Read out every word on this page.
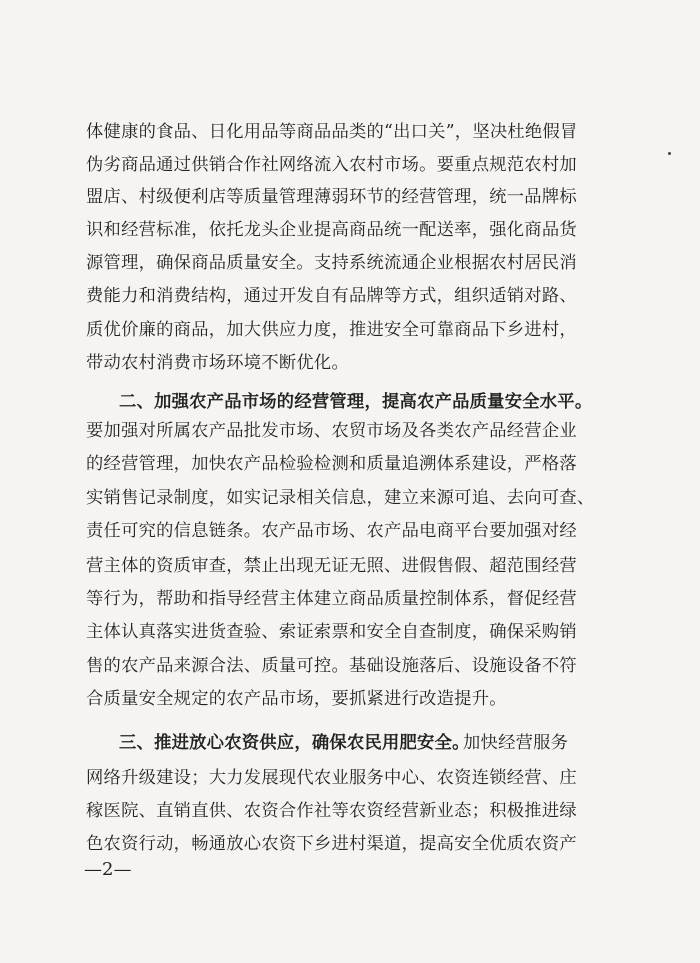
体健康的食品、日化用品等商品品类的“出口关”，坚决杜绝假冒
伪劣商品通过供销合作社网络流入农村市场。要重点规范农村加
盟店、村级便利店等质量管理薄弱环节的经营管理，统一品牌标
识和经营标准，依托龙头企业提高商品统一配送率，强化商品货
源管理，确保商品质量安全。支持系统流通企业根据农村居民消
费能力和消费结构，通过开发自有品牌等方式，组织适销对路、
质优价廉的商品，加大供应力度，推进安全可靠商品下乡进村，
带动农村消费市场环境不断优化。
二、加强农产品市场的经营管理，提高农产品质量安全水平。
要加强对所属农产品批发市场、农贸市场及各类农产品经营企业
的经营管理，加快农产品检验检测和质量追溯体系建设，严格落
实销售记录制度，如实记录相关信息，建立来源可追、去向可查、
责任可究的信息链条。农产品市场、农产品电商平台要加强对经
营主体的资质审查，禁止出现无证无照、进假售假、超范围经营
等行为，帮助和指导经营主体建立商品质量控制体系，督促经营
主体认真落实进货查验、索证索票和安全自查制度，确保采购销
售的农产品来源合法、质量可控。基础设施落后、设施设备不符
合质量安全规定的农产品市场，要抓紧进行改造提升。
三、推进放心农资供应，确保农民用肥安全。
加快经营服务
网络升级建设；大力发展现代农业服务中心、农资连锁经营、庄
稼医院、直销直供、农资合作社等农资经营新业态；积极推进绿
色农资行动，畅通放心农资下乡进村渠道，提高安全优质农资产
—2—
